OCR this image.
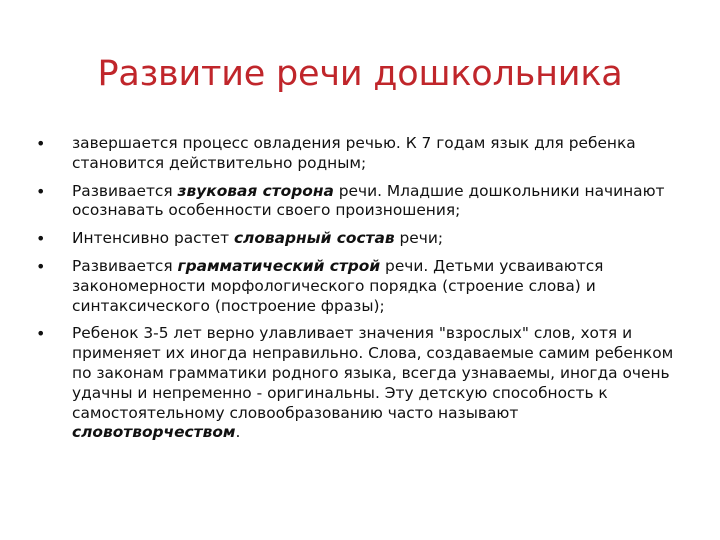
Развитие речи дошкольника
• завершается процесс овладения речью. К 7 годам язык для ребенка становится действительно родным;
• Развивается звуковая сторона речи. Младшие дошкольники начинают осознавать особенности своего произношения;
• Интенсивно растет словарный состав речи;
• Развивается грамматический строй речи. Детьми усваиваются закономерности морфологического порядка (строение слова) и синтаксического (построение фразы);
• Ребенок 3-5 лет верно улавливает значения "взрослых" слов, хотя и применяет их иногда неправильно. Слова, создаваемые самим ребенком по законам грамматики родного языка, всегда узнаваемы, иногда очень удачны и непременно - оригинальны. Эту детскую способность к самостоятельному словообразованию часто называют словотворчеством.
